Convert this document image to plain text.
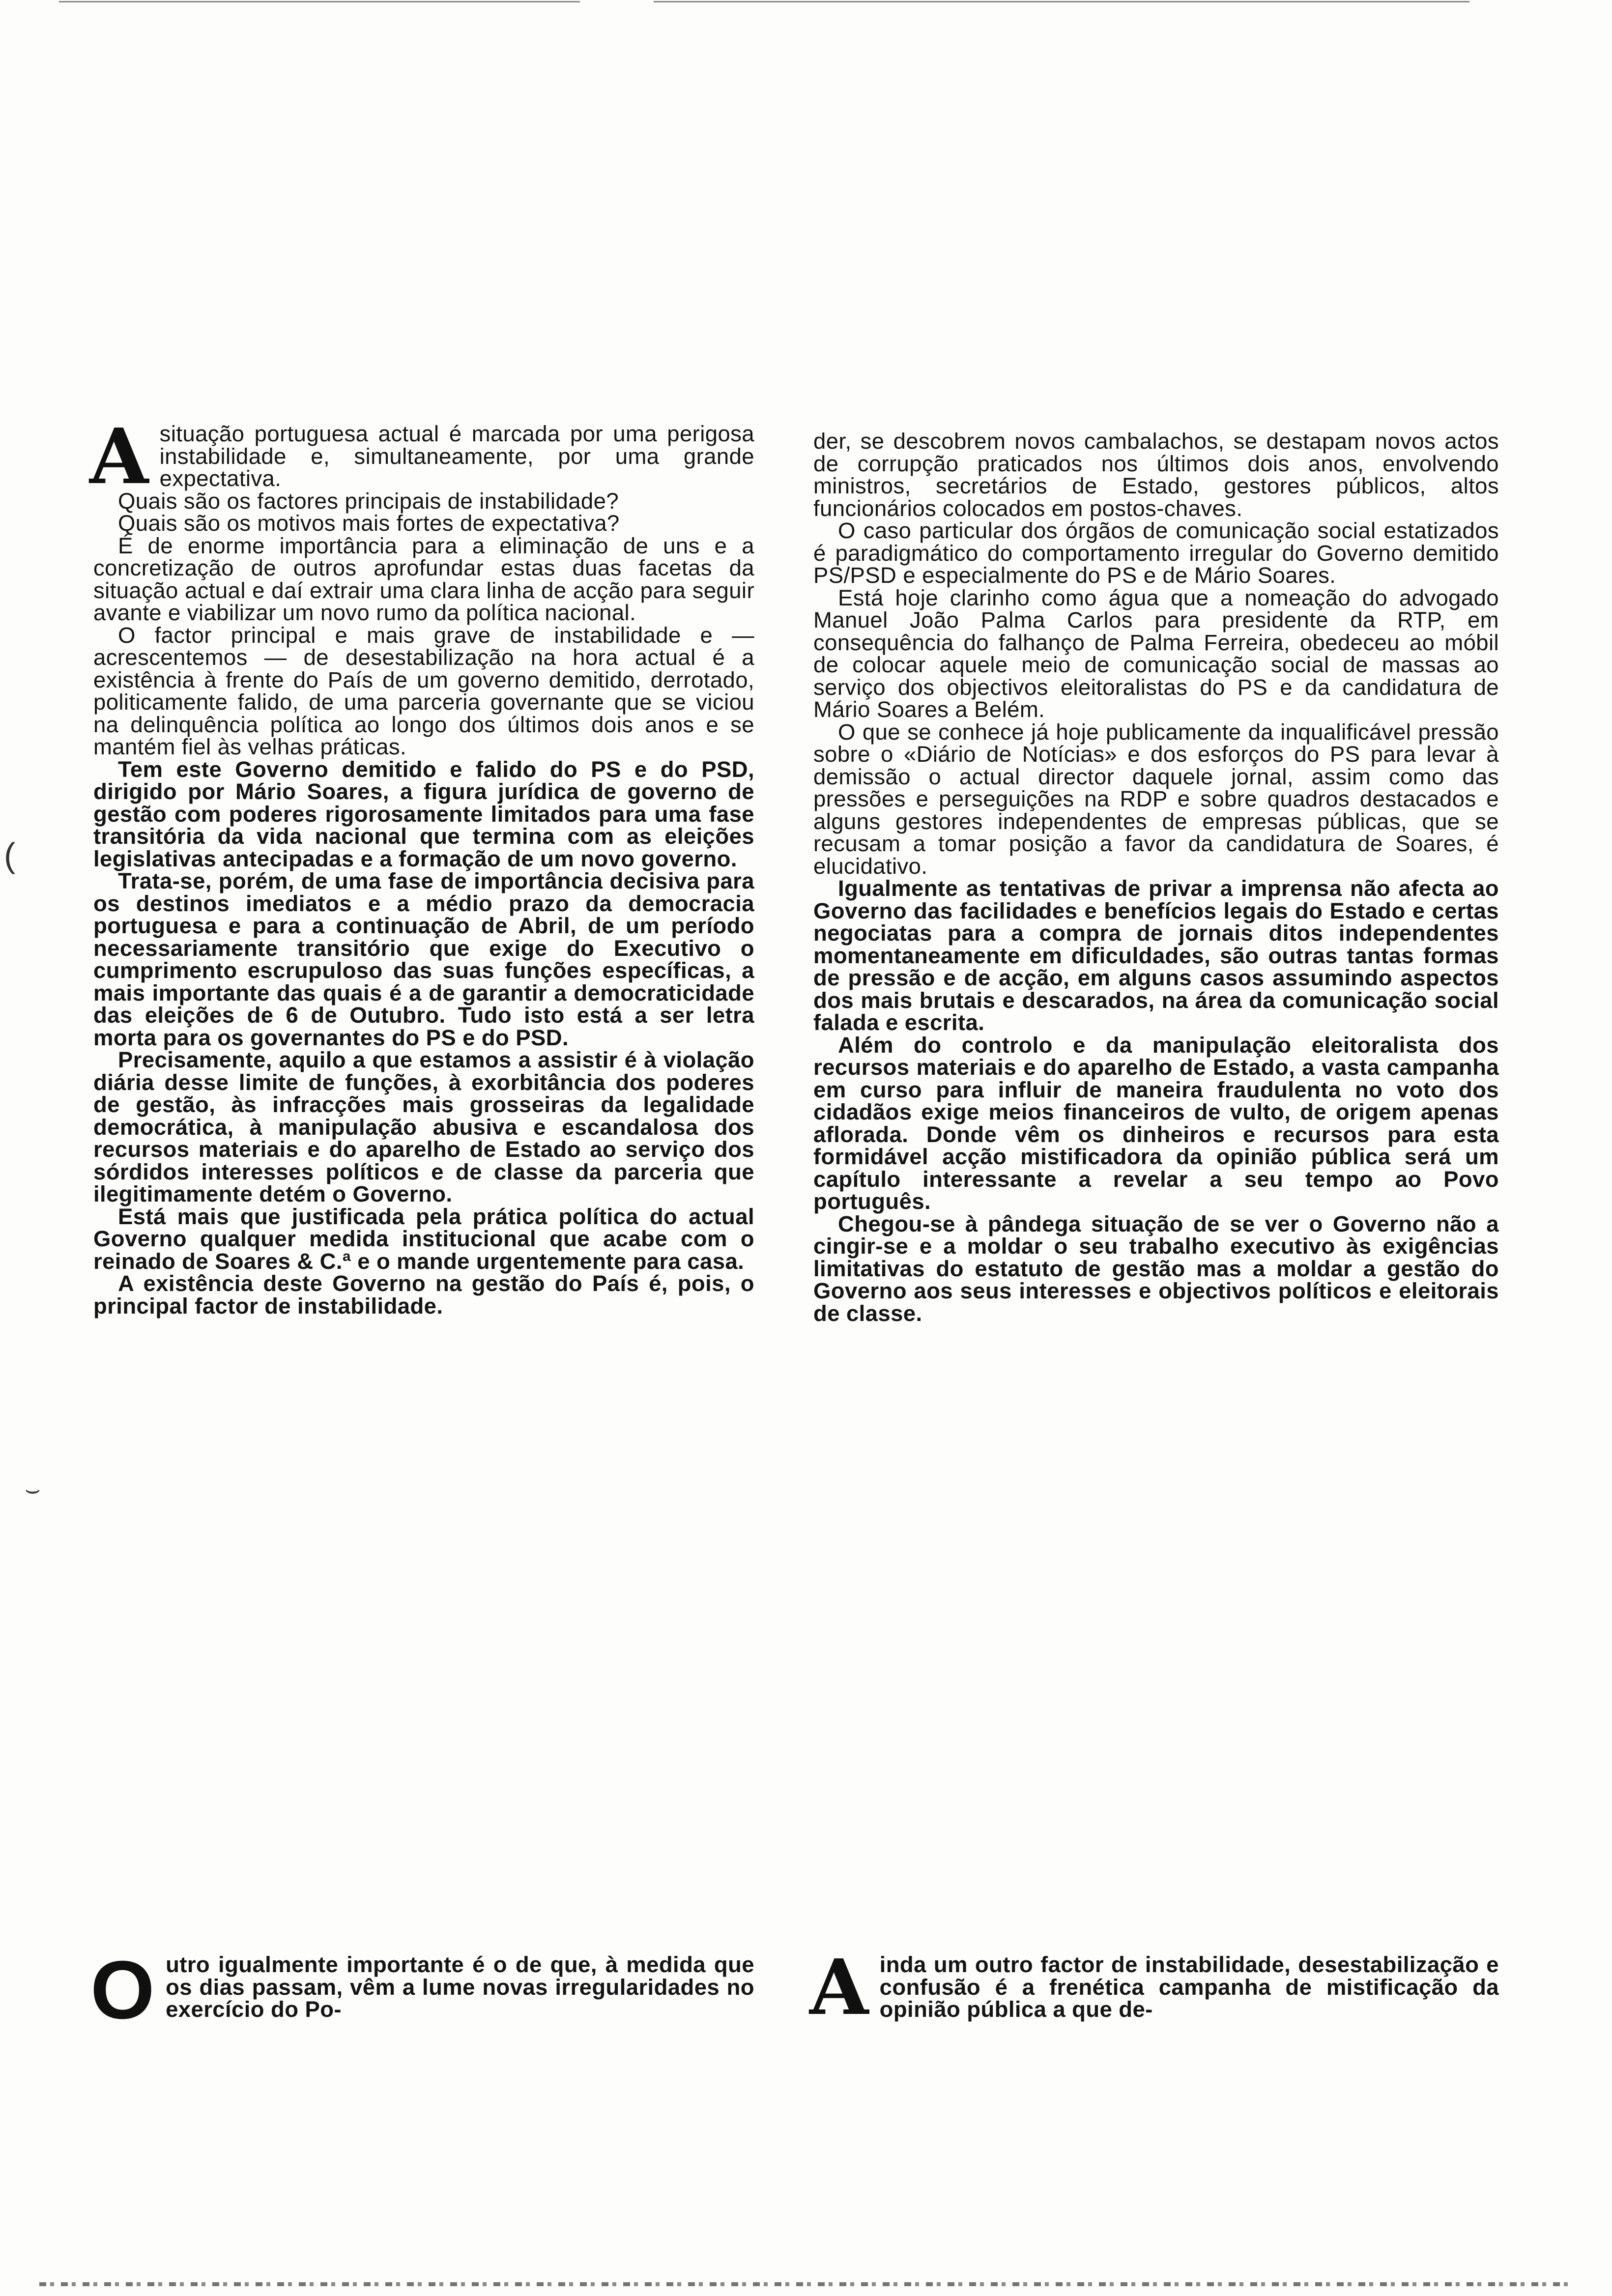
(
⌣

Asituação portuguesa actual é marcada por uma perigosa instabilidade e, simultaneamente, por uma grande expectativa.

Quais são os factores principais de instabilidade?

Quais são os motivos mais fortes de expectativa?

É de enorme importância para a eliminação de uns e a concretização de outros aprofundar estas duas facetas da situação actual e daí extrair uma clara linha de acção para seguir avante e viabilizar um novo rumo da política nacional.

O factor principal e mais grave de instabilidade e — acrescentemos — de desestabilização na hora actual é a existência à frente do País de um governo demitido, derrotado, politicamente falido, de uma parceria governante que se viciou na delinquência política ao longo dos últimos dois anos e se mantém fiel às velhas práticas.

Tem este Governo demitido e falido do PS e do PSD, dirigido por Mário Soares, a figura jurídica de governo de gestão com poderes rigorosamente limitados para uma fase transitória da vida nacional que termina com as eleições legislativas antecipadas e a formação de um novo governo.

Trata-se, porém, de uma fase de importância decisiva para os destinos imediatos e a médio prazo da democracia portuguesa e para a continuação de Abril, de um período necessariamente transitório que exige do Executivo o cumprimento escrupuloso das suas funções específicas, a mais importante das quais é a de garantir a democraticidade das eleições de 6 de Outubro. Tudo isto está a ser letra morta para os governantes do PS e do PSD.

Precisamente, aquilo a que estamos a assistir é à violação diária desse limite de funções, à exorbitância dos poderes de gestão, às infracções mais grosseiras da legalidade democrática, à manipulação abusiva e escandalosa dos recursos materiais e do aparelho de Estado ao serviço dos sórdidos interesses políticos e de classe da parceria que ilegitimamente detém o Governo.

Está mais que justificada pela prática política do actual Governo qualquer medida institucional que acabe com o reinado de Soares & C.ª e o mande urgentemente para casa.

A existência deste Governo na gestão do País é, pois, o principal factor de instabilidade.

der, se descobrem novos cambalachos, se destapam novos actos de corrupção praticados nos últimos dois anos, envolvendo ministros, secretários de Estado, gestores públicos, altos funcionários colocados em postos-chaves.

O caso particular dos órgãos de comunicação social estatizados é paradigmático do comportamento irregular do Governo demitido PS/PSD e especialmente do PS e de Mário Soares.

Está hoje clarinho como água que a nomeação do advogado Manuel João Palma Carlos para presidente da RTP, em consequência do falhanço de Palma Ferreira, obedeceu ao móbil de colocar aquele meio de comunicação social de massas ao serviço dos objectivos eleitoralistas do PS e da candidatura de Mário Soares a Belém.

O que se conhece já hoje publicamente da inqualificável pressão sobre o «Diário de Notícias» e dos esforços do PS para levar à demissão o actual director daquele jornal, assim como das pressões e perseguições na RDP e sobre quadros destacados e alguns gestores independentes de empresas públicas, que se recusam a tomar posição a favor da candidatura de Soares, é elucidativo.

Igualmente as tentativas de privar a imprensa não afecta ao Governo das facilidades e benefícios legais do Estado e certas negociatas para a compra de jornais ditos independentes momentaneamente em dificuldades, são outras tantas formas de pressão e de acção, em alguns casos assumindo aspectos dos mais brutais e descarados, na área da comunicação social falada e escrita.

Além do controlo e da manipulação eleitoralista dos recursos materiais e do aparelho de Estado, a vasta campanha em curso para influir de maneira fraudulenta no voto dos cidadãos exige meios financeiros de vulto, de origem apenas aflorada. Donde vêm os dinheiros e recursos para esta formidável acção mistificadora da opinião pública será um capítulo interessante a revelar a seu tempo ao Povo português.

Chegou-se à pândega situação de se ver o Governo não a cingir-se e a moldar o seu trabalho executivo às exigências limitativas do estatuto de gestão mas a moldar a gestão do Governo aos seus interesses e objectivos políticos e eleitorais de classe.

Outro igualmente importante é o de que, à medida que os dias passam, vêm a lume novas irregularidades no exercício do Po-	Ainda um outro factor de instabilidade, desestabilização e confusão é a frenética campanha de mistificação da opinião pública a que de-
